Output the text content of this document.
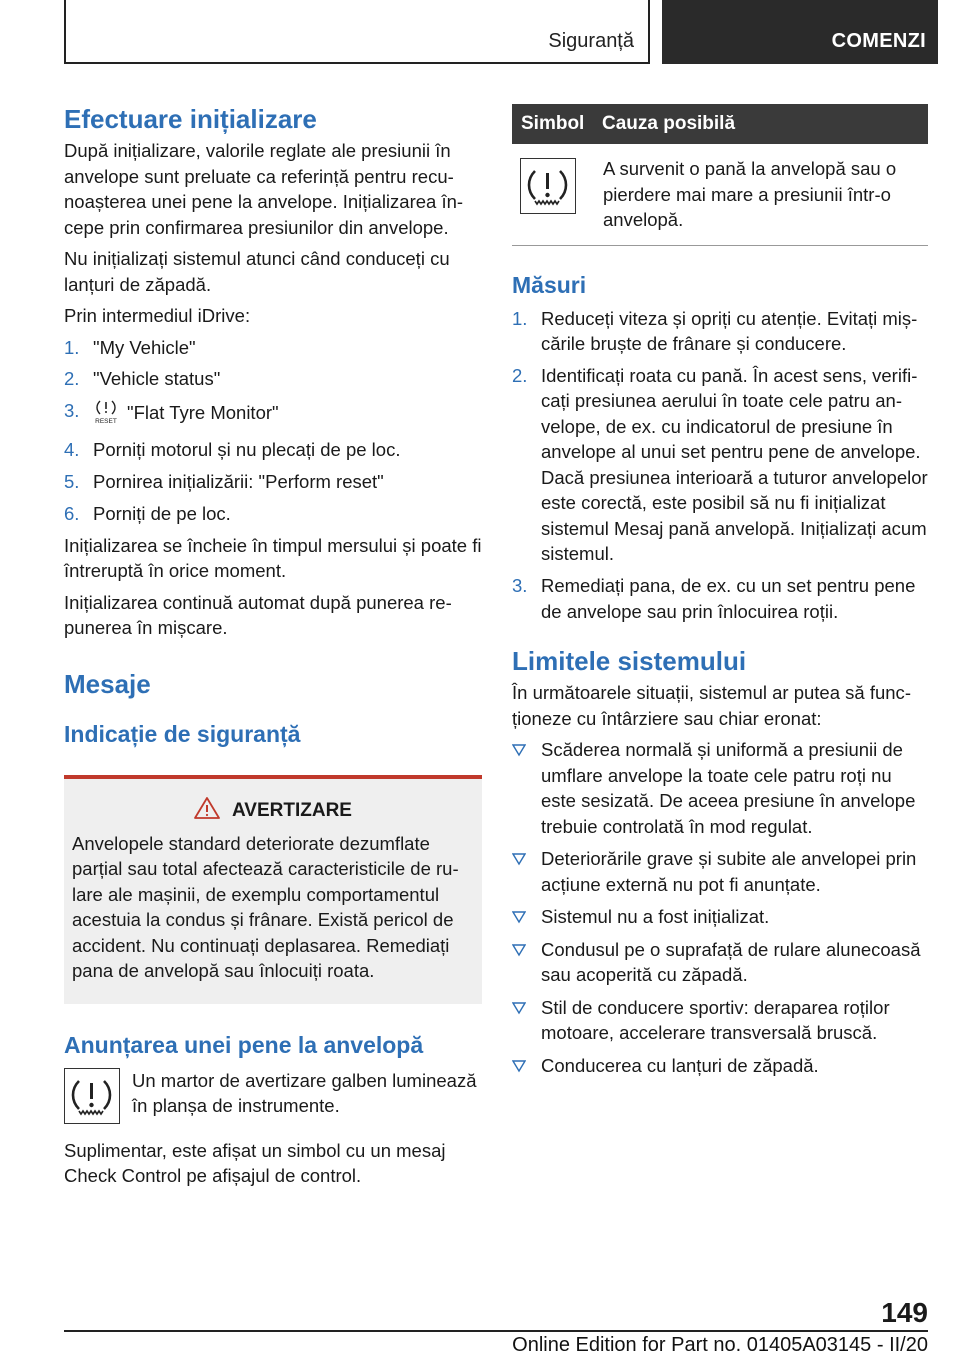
Siguranță	COMENZI
Efectuare inițializare

După inițializare, valorile reglate ale presiunii în anvelope sunt preluate ca referință pentru recunoașterea unei pene la anvelope. Inițializarea începe prin confirmarea presiunilor din anvelope.

Nu inițializați sistemul atunci când conduceți cu lanțuri de zăpadă.

Prin intermediul iDrive:

1. "My Vehicle"
2. "Vehicle status"
3.
RESET "Flat Tyre Monitor"
4. Porniți motorul și nu plecați de pe loc.
5. Pornirea inițializării: "Perform reset"
6. Porniți de pe loc.

Inițializarea se încheie în timpul mersului și poate fi întreruptă în orice moment.

Inițializarea continuă automat după punerea repunerea în mișcare.

Mesaje
Indicație de siguranță
AVERTIZARE

Anvelopele standard deteriorate dezumflate parțial sau total afectează caracteristicile de rulare ale mașinii, de exemplu comportamentul acestuia la condus și frânare. Există pericol de accident. Nu continuați deplasarea. Remediați pana de anvelopă sau înlocuiți roata.

Anunțarea unei pene la anvelopă

Un martor de avertizare galben luminează în planșa de instrumente.

Suplimentar, este afișat un simbol cu un mesaj Check Control pe afișajul de control.

Simbol	Cauza posibilă
	A survenit o pană la anvelopă sau o pierdere mai mare a presiunii într-o anvelopă.
Măsuri
1. Reduceți viteza și opriți cu atenție. Evitați mișcările bruște de frânare și conducere.
2. Identificați roata cu pană. În acest sens, verificați presiunea aerului în toate cele patru anvelope, de ex. cu indicatorul de presiune în anvelope al unui set pentru pene de anvelope. Dacă presiunea interioară a tuturor anvelopelor este corectă, este posibil să nu fi inițializat sistemul Mesaj pană anvelopă. Inițializați acum sistemul.
3. Remediați pana, de ex. cu un set pentru pene de anvelope sau prin înlocuirea roții.
Limitele sistemului

În următoarele situații, sistemul ar putea să funcționeze cu întârziere sau chiar eronat:

Scăderea normală și uniformă a presiunii de umflare anvelope la toate cele patru roți nu este sesizată. De aceea presiune în anvelope trebuie controlată în mod regulat.
Deteriorările grave și subite ale anvelopei prin acțiune externă nu pot fi anunțate.
Sistemul nu a fost inițializat.
Condusul pe o suprafață de rulare alunecoasă sau acoperită cu zăpadă.
Stil de conducere sportiv: deraparea roților motoare, accelerare transversală bruscă.
Conducerea cu lanțuri de zăpadă.
149
Online Edition for Part no. 01405A03145 - II/20
